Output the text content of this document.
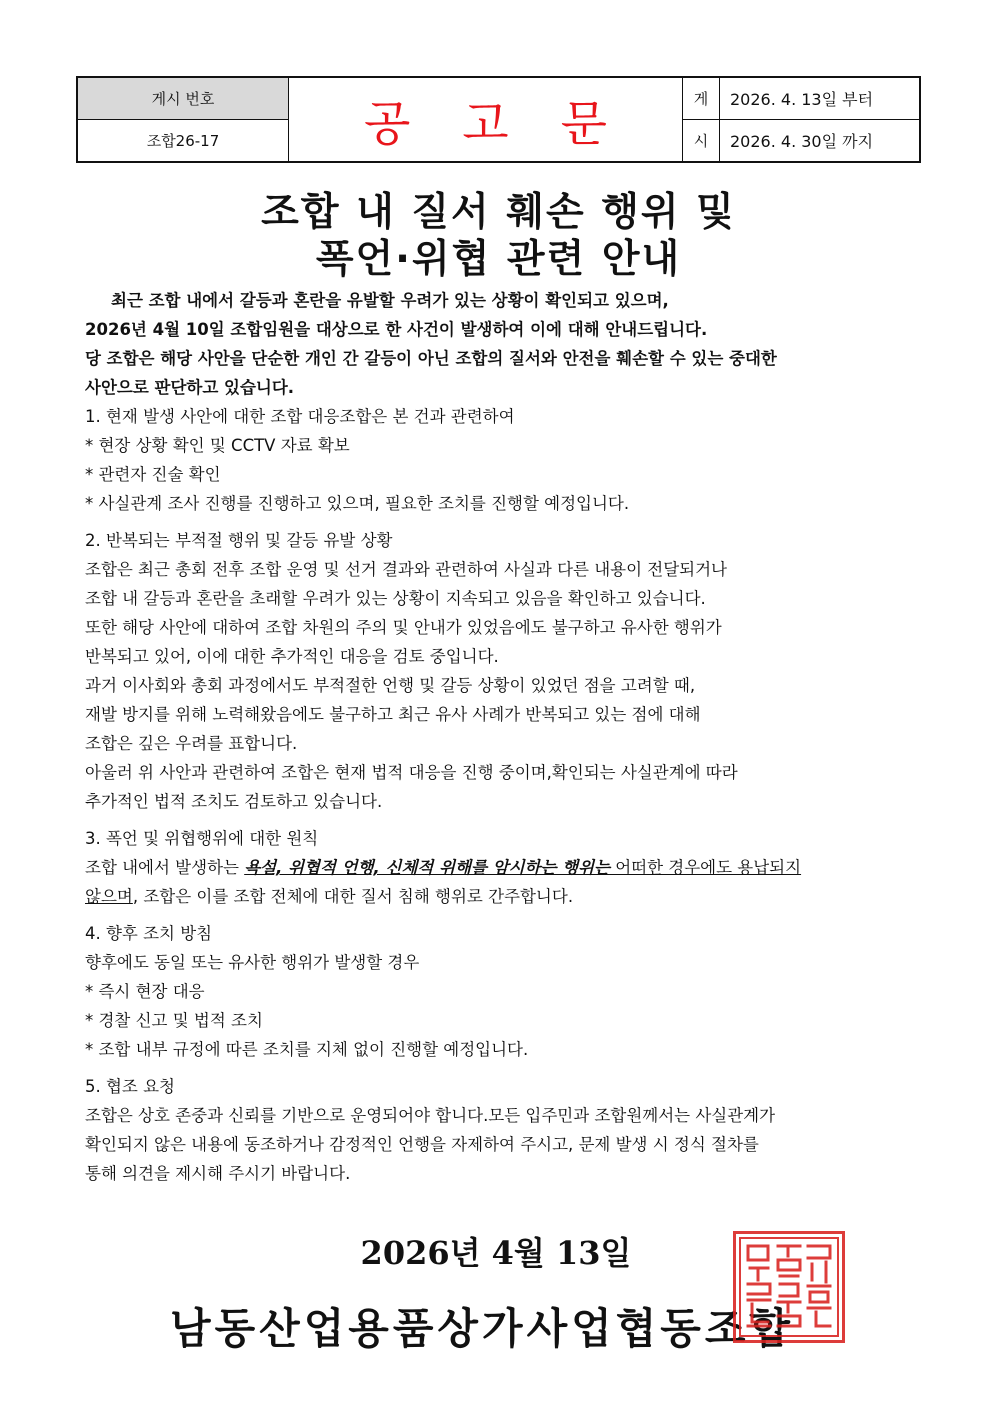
게시 번호
조합26-17	공고문	게
시
2026. 4. 13일 부터
2026. 4. 30일 까지
조합 내 질서 훼손 행위 및
폭언·위협 관련 안내
최근 조합 내에서 갈등과 혼란을 유발할 우려가 있는 상황이 확인되고 있으며,
2026년 4월 10일 조합임원을 대상으로 한 사건이 발생하여 이에 대해 안내드립니다.
당 조합은 해당 사안을 단순한 개인 간 갈등이 아닌 조합의 질서와 안전을 훼손할 수 있는 중대한
사안으로 판단하고 있습니다.
1. 현재 발생 사안에 대한 조합 대응조합은 본 건과 관련하여
* 현장 상황 확인 및 CCTV 자료 확보
* 관련자 진술 확인
* 사실관계 조사 진행를 진행하고 있으며, 필요한 조치를 진행할 예정입니다.
2. 반복되는 부적절 행위 및 갈등 유발 상황
조합은 최근 총회 전후 조합 운영 및 선거 결과와 관련하여 사실과 다른 내용이 전달되거나
조합 내 갈등과 혼란을 초래할 우려가 있는 상황이 지속되고 있음을 확인하고 있습니다.
또한 해당 사안에 대하여 조합 차원의 주의 및 안내가 있었음에도 불구하고 유사한 행위가
반복되고 있어, 이에 대한 추가적인 대응을 검토 중입니다.
과거 이사회와 총회 과정에서도 부적절한 언행 및 갈등 상황이 있었던 점을 고려할 때,
재발 방지를 위해 노력해왔음에도 불구하고 최근 유사 사례가 반복되고 있는 점에 대해
조합은 깊은 우려를 표합니다.
아울러 위 사안과 관련하여 조합은 현재 법적 대응을 진행 중이며,확인되는 사실관계에 따라
추가적인 법적 조치도 검토하고 있습니다.
3. 폭언 및 위협행위에 대한 원칙
조합 내에서 발생하는 욕설, 위협적 언행, 신체적 위해를 암시하는 행위는 어떠한 경우에도 용납되지
않으며, 조합은 이를 조합 전체에 대한 질서 침해 행위로 간주합니다.
4. 향후 조치 방침
향후에도 동일 또는 유사한 행위가 발생할 경우
* 즉시 현장 대응
* 경찰 신고 및 법적 조치
* 조합 내부 규정에 따른 조치를 지체 없이 진행할 예정입니다.
5. 협조 요청
조합은 상호 존중과 신뢰를 기반으로 운영되어야 합니다.모든 입주민과 조합원께서는 사실관계가
확인되지 않은 내용에 동조하거나 감정적인 언행을 자제하여 주시고, 문제 발생 시 정식 절차를
통해 의견을 제시해 주시기 바랍니다.
2026년 4월 13일
남동산업용품상가사업협동조합
